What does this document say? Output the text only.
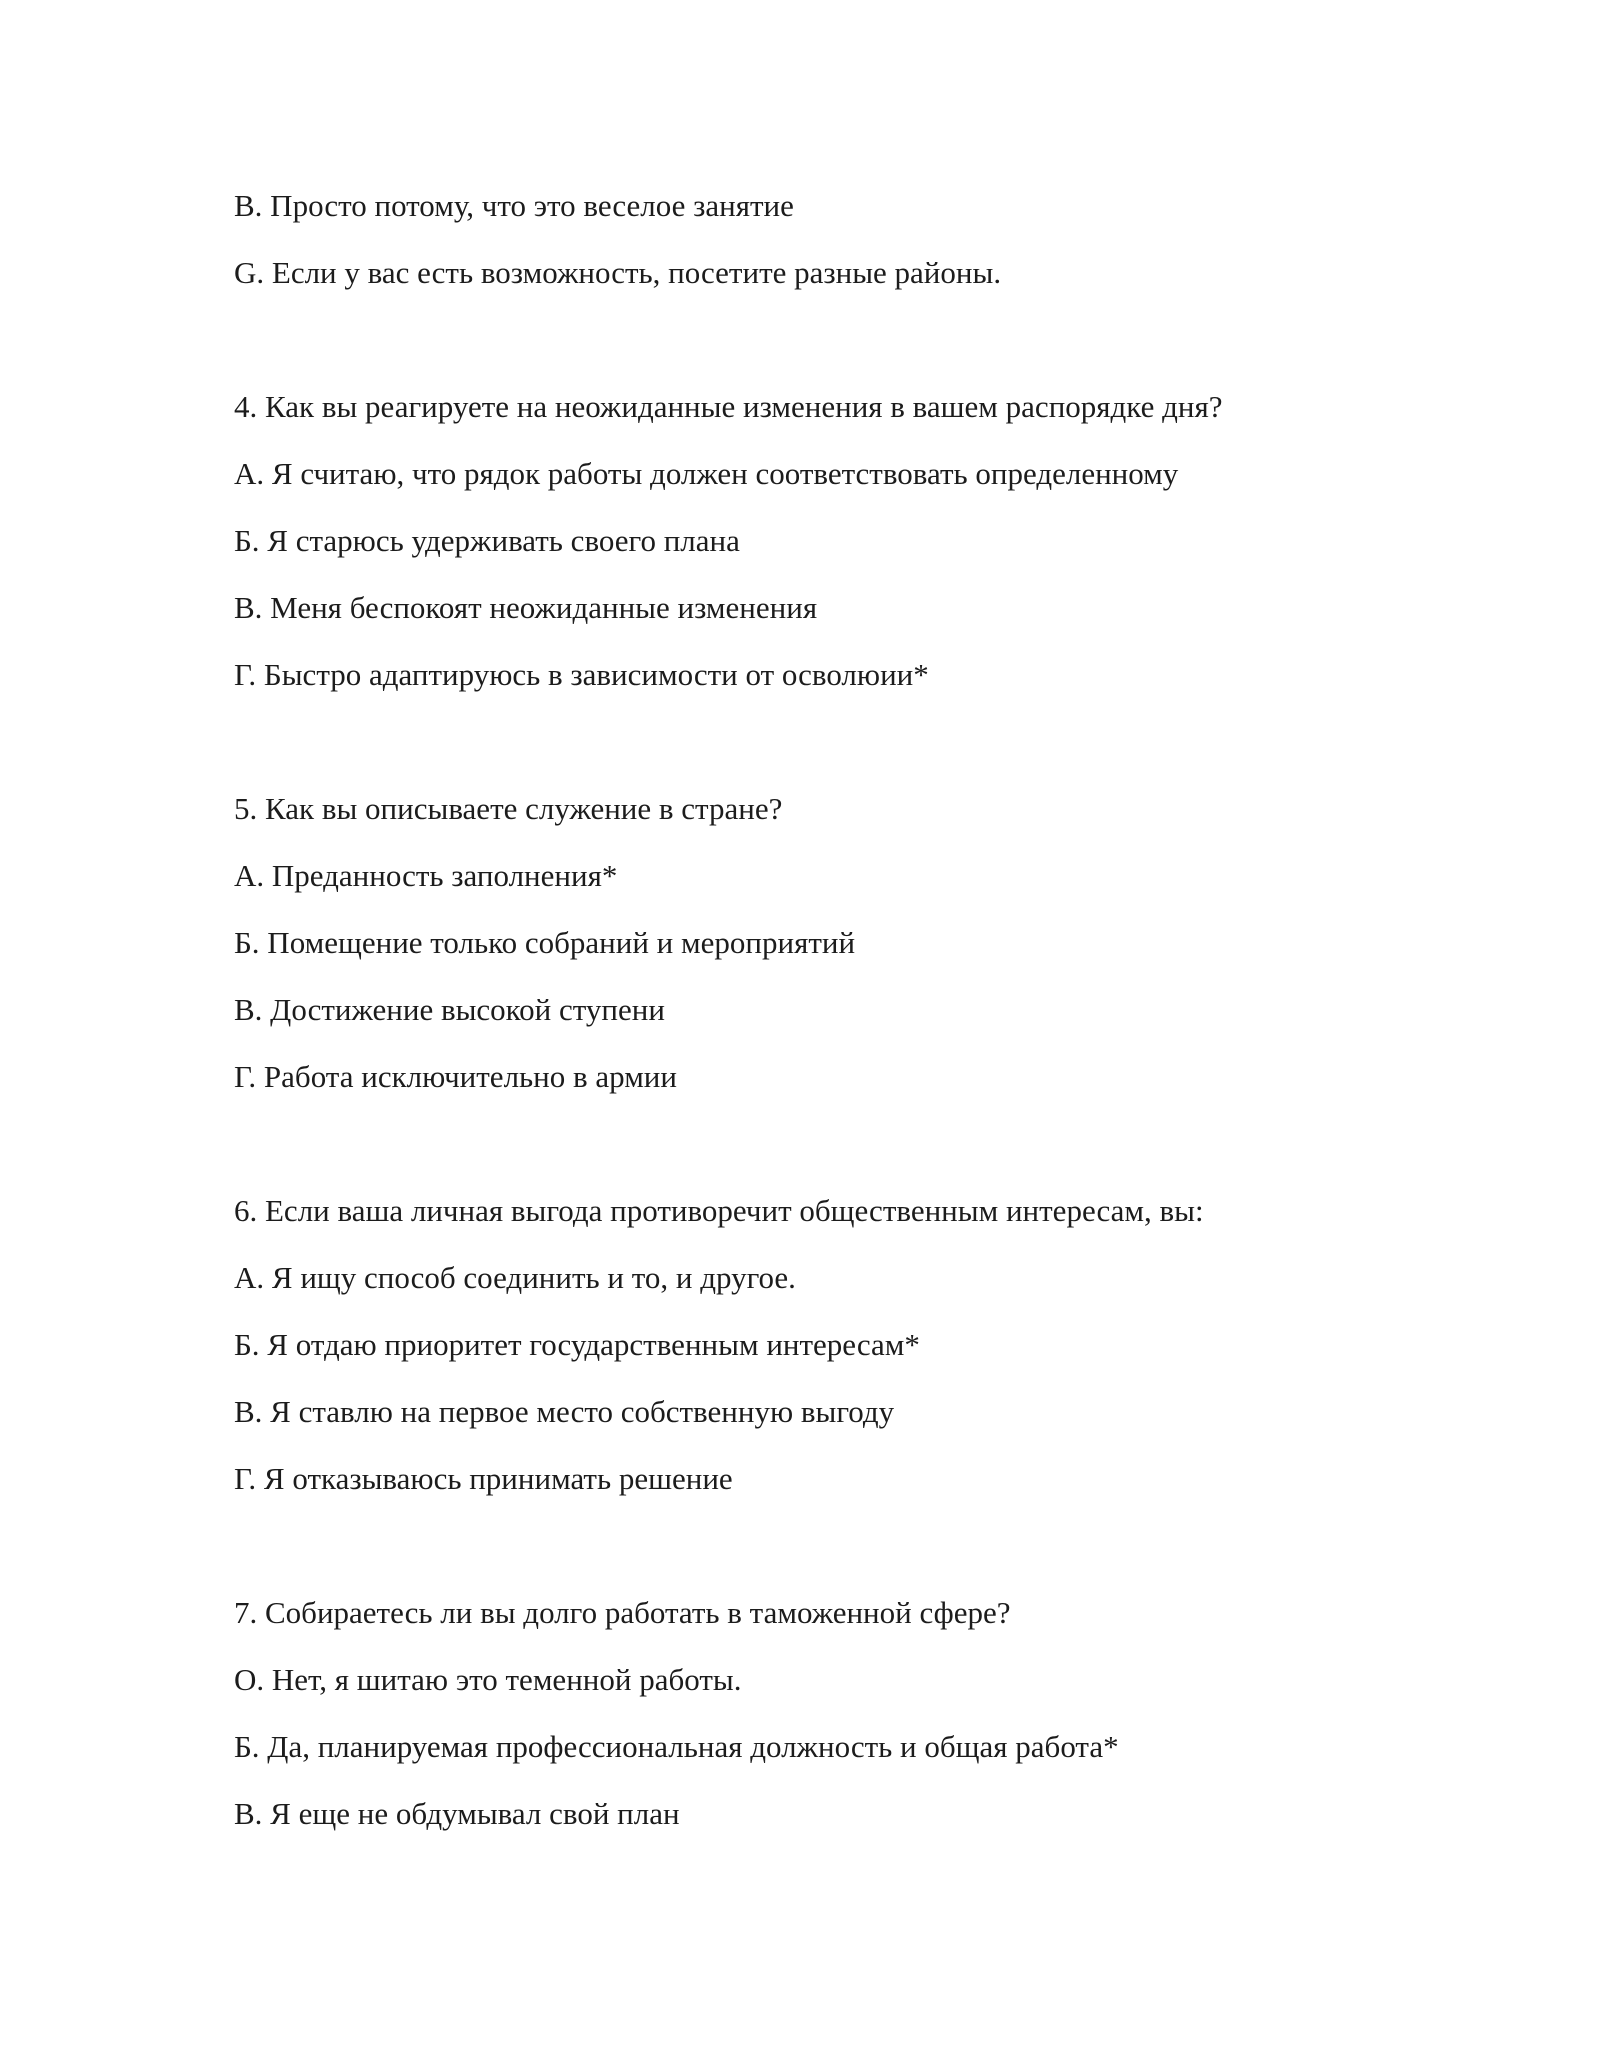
В. Просто потому, что это веселое занятие
G. Если у вас есть возможность, посетите разные районы.
4. Как вы реагируете на неожиданные изменения в вашем распорядке дня?
А. Я считаю, что рядок работы должен соответствовать определенному
Б. Я старюсь удерживать своего плана
В. Меня беспокоят неожиданные изменения
Г. Быстро адаптируюсь в зависимости от осволюии*
5. Как вы описываете служение в стране?
А. Преданность заполнения*
Б. Помещение только собраний и мероприятий
В. Достижение высокой ступени
Г. Работа исключительно в армии
6. Если ваша личная выгода противоречит общественным интересам, вы:
А. Я ищу способ соединить и то, и другое.
Б. Я отдаю приоритет государственным интересам*
В. Я ставлю на первое место собственную выгоду
Г. Я отказываюсь принимать решение
7. Собираетесь ли вы долго работать в таможенной сфере?
О. Нет, я шитаю это теменной работы.
Б. Да, планируемая профессиональная должность и общая работа*
В. Я еще не обдумывал свой план
